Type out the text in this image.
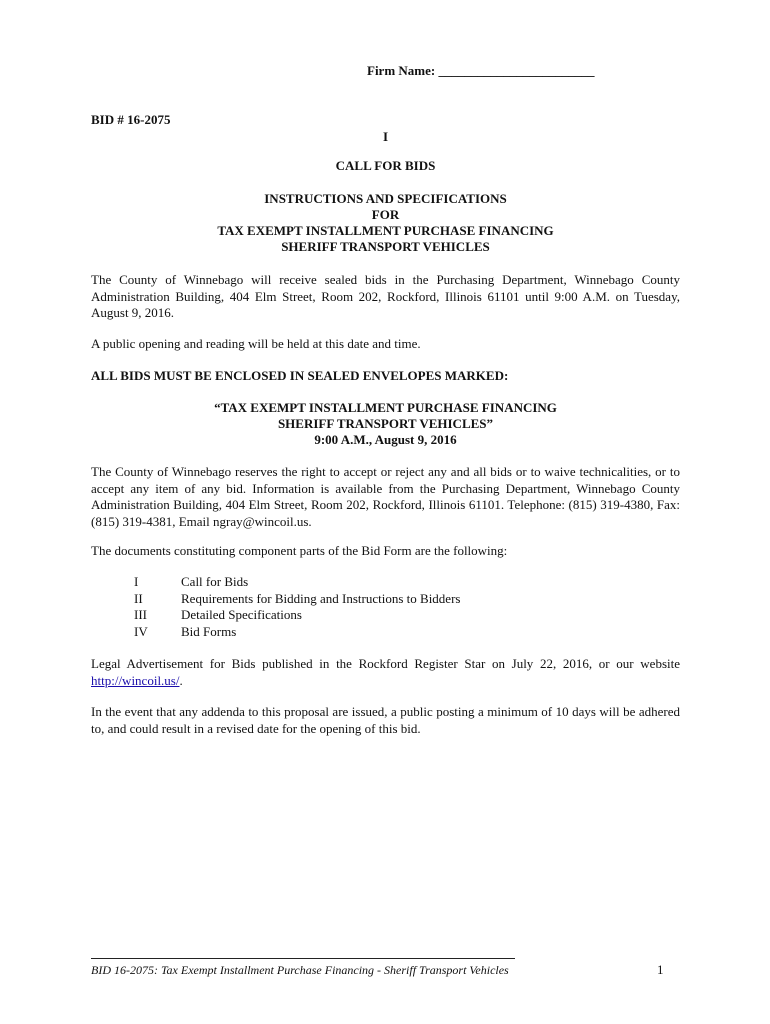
Firm Name: ________________________
BID # 16-2075
I
CALL FOR BIDS
INSTRUCTIONS AND SPECIFICATIONS
FOR
TAX EXEMPT INSTALLMENT PURCHASE FINANCING
SHERIFF TRANSPORT VEHICLES
The County of Winnebago will receive sealed bids in the Purchasing Department, Winnebago County Administration Building, 404 Elm Street, Room 202, Rockford, Illinois 61101 until 9:00 A.M. on Tuesday, August 9, 2016.
A public opening and reading will be held at this date and time.
ALL BIDS MUST BE ENCLOSED IN SEALED ENVELOPES MARKED:
“TAX EXEMPT INSTALLMENT PURCHASE FINANCING
SHERIFF TRANSPORT VEHICLES”
9:00 A.M., August 9, 2016
The County of Winnebago reserves the right to accept or reject any and all bids or to waive technicalities, or to accept any item of any bid. Information is available from the Purchasing Department, Winnebago County Administration Building, 404 Elm Street, Room 202, Rockford, Illinois 61101. Telephone: (815) 319-4380, Fax: (815) 319-4381, Email ngray@wincoil.us.
The documents constituting component parts of the Bid Form are the following:
I	Call for Bids
II	Requirements for Bidding and Instructions to Bidders
III	Detailed Specifications
IV	Bid Forms
Legal Advertisement for Bids published in the Rockford Register Star on July 22, 2016, or our website http://wincoil.us/.
In the event that any addenda to this proposal are issued, a public posting a minimum of 10 days will be adhered to, and could result in a revised date for the opening of this bid.
BID 16-2075: Tax Exempt Installment Purchase Financing - Sheriff Transport Vehicles	1
